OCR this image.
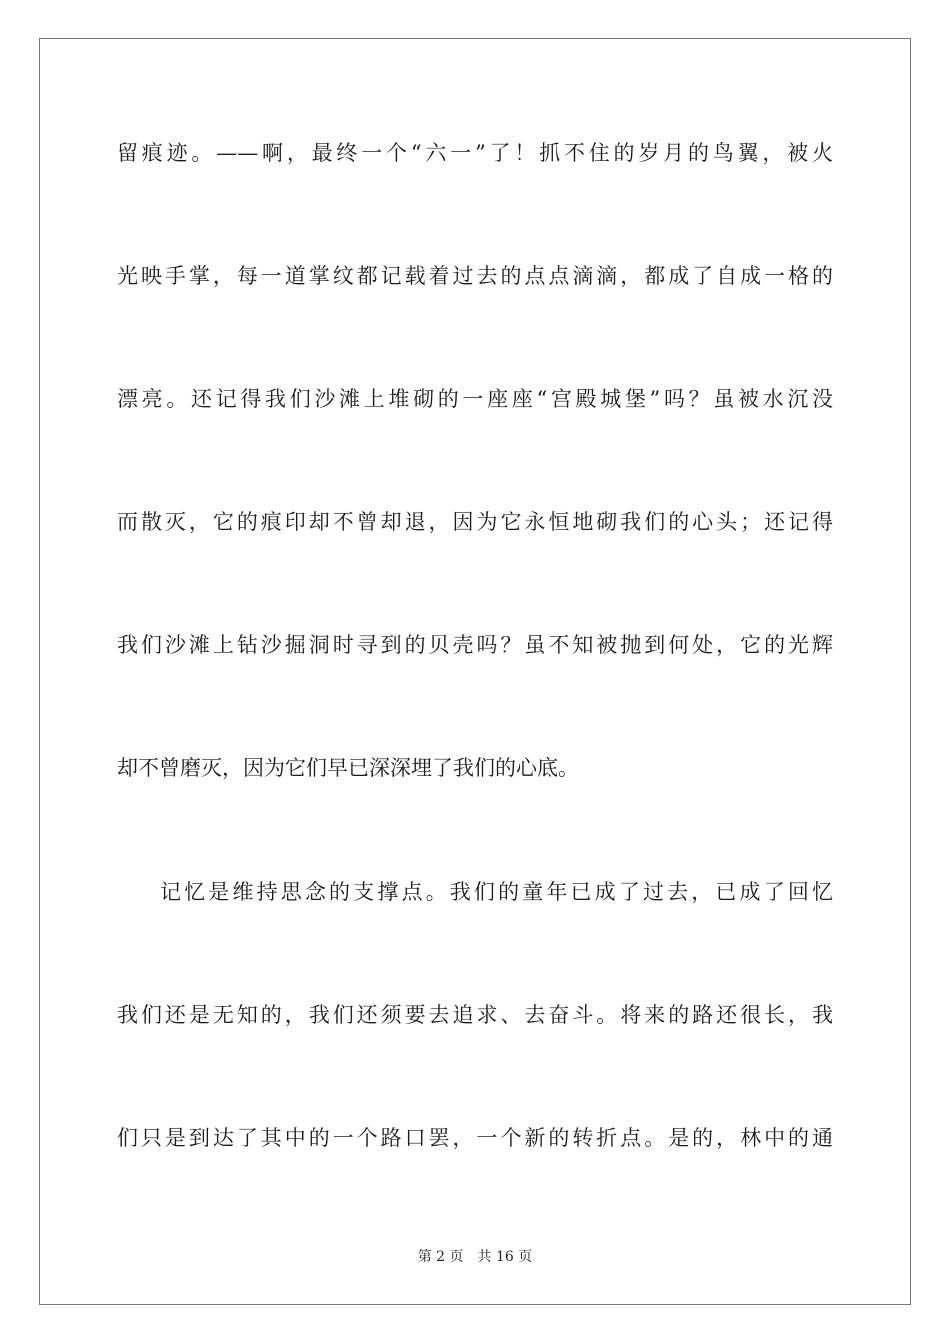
留痕迹。——啊，最终一个“六一”了！抓不住的岁月的鸟翼，被火

光映手掌，每一道掌纹都记载着过去的点点滴滴，都成了自成一格的

漂亮。还记得我们沙滩上堆砌的一座座“宫殿城堡”吗？虽被水沉没

而散灭，它的痕印却不曾却退，因为它永恒地砌我们的心头；还记得

我们沙滩上钻沙掘洞时寻到的贝壳吗？虽不知被抛到何处，它的光辉

却不曾磨灭，因为它们早已深深埋了我们的心底。

记忆是维持思念的支撑点。我们的童年已成了过去，已成了回忆

我们还是无知的，我们还须要去追求、去奋斗。将来的路还很长，我

们只是到达了其中的一个路口罢，一个新的转折点。是的，林中的通

第 2 页 共 16 页
